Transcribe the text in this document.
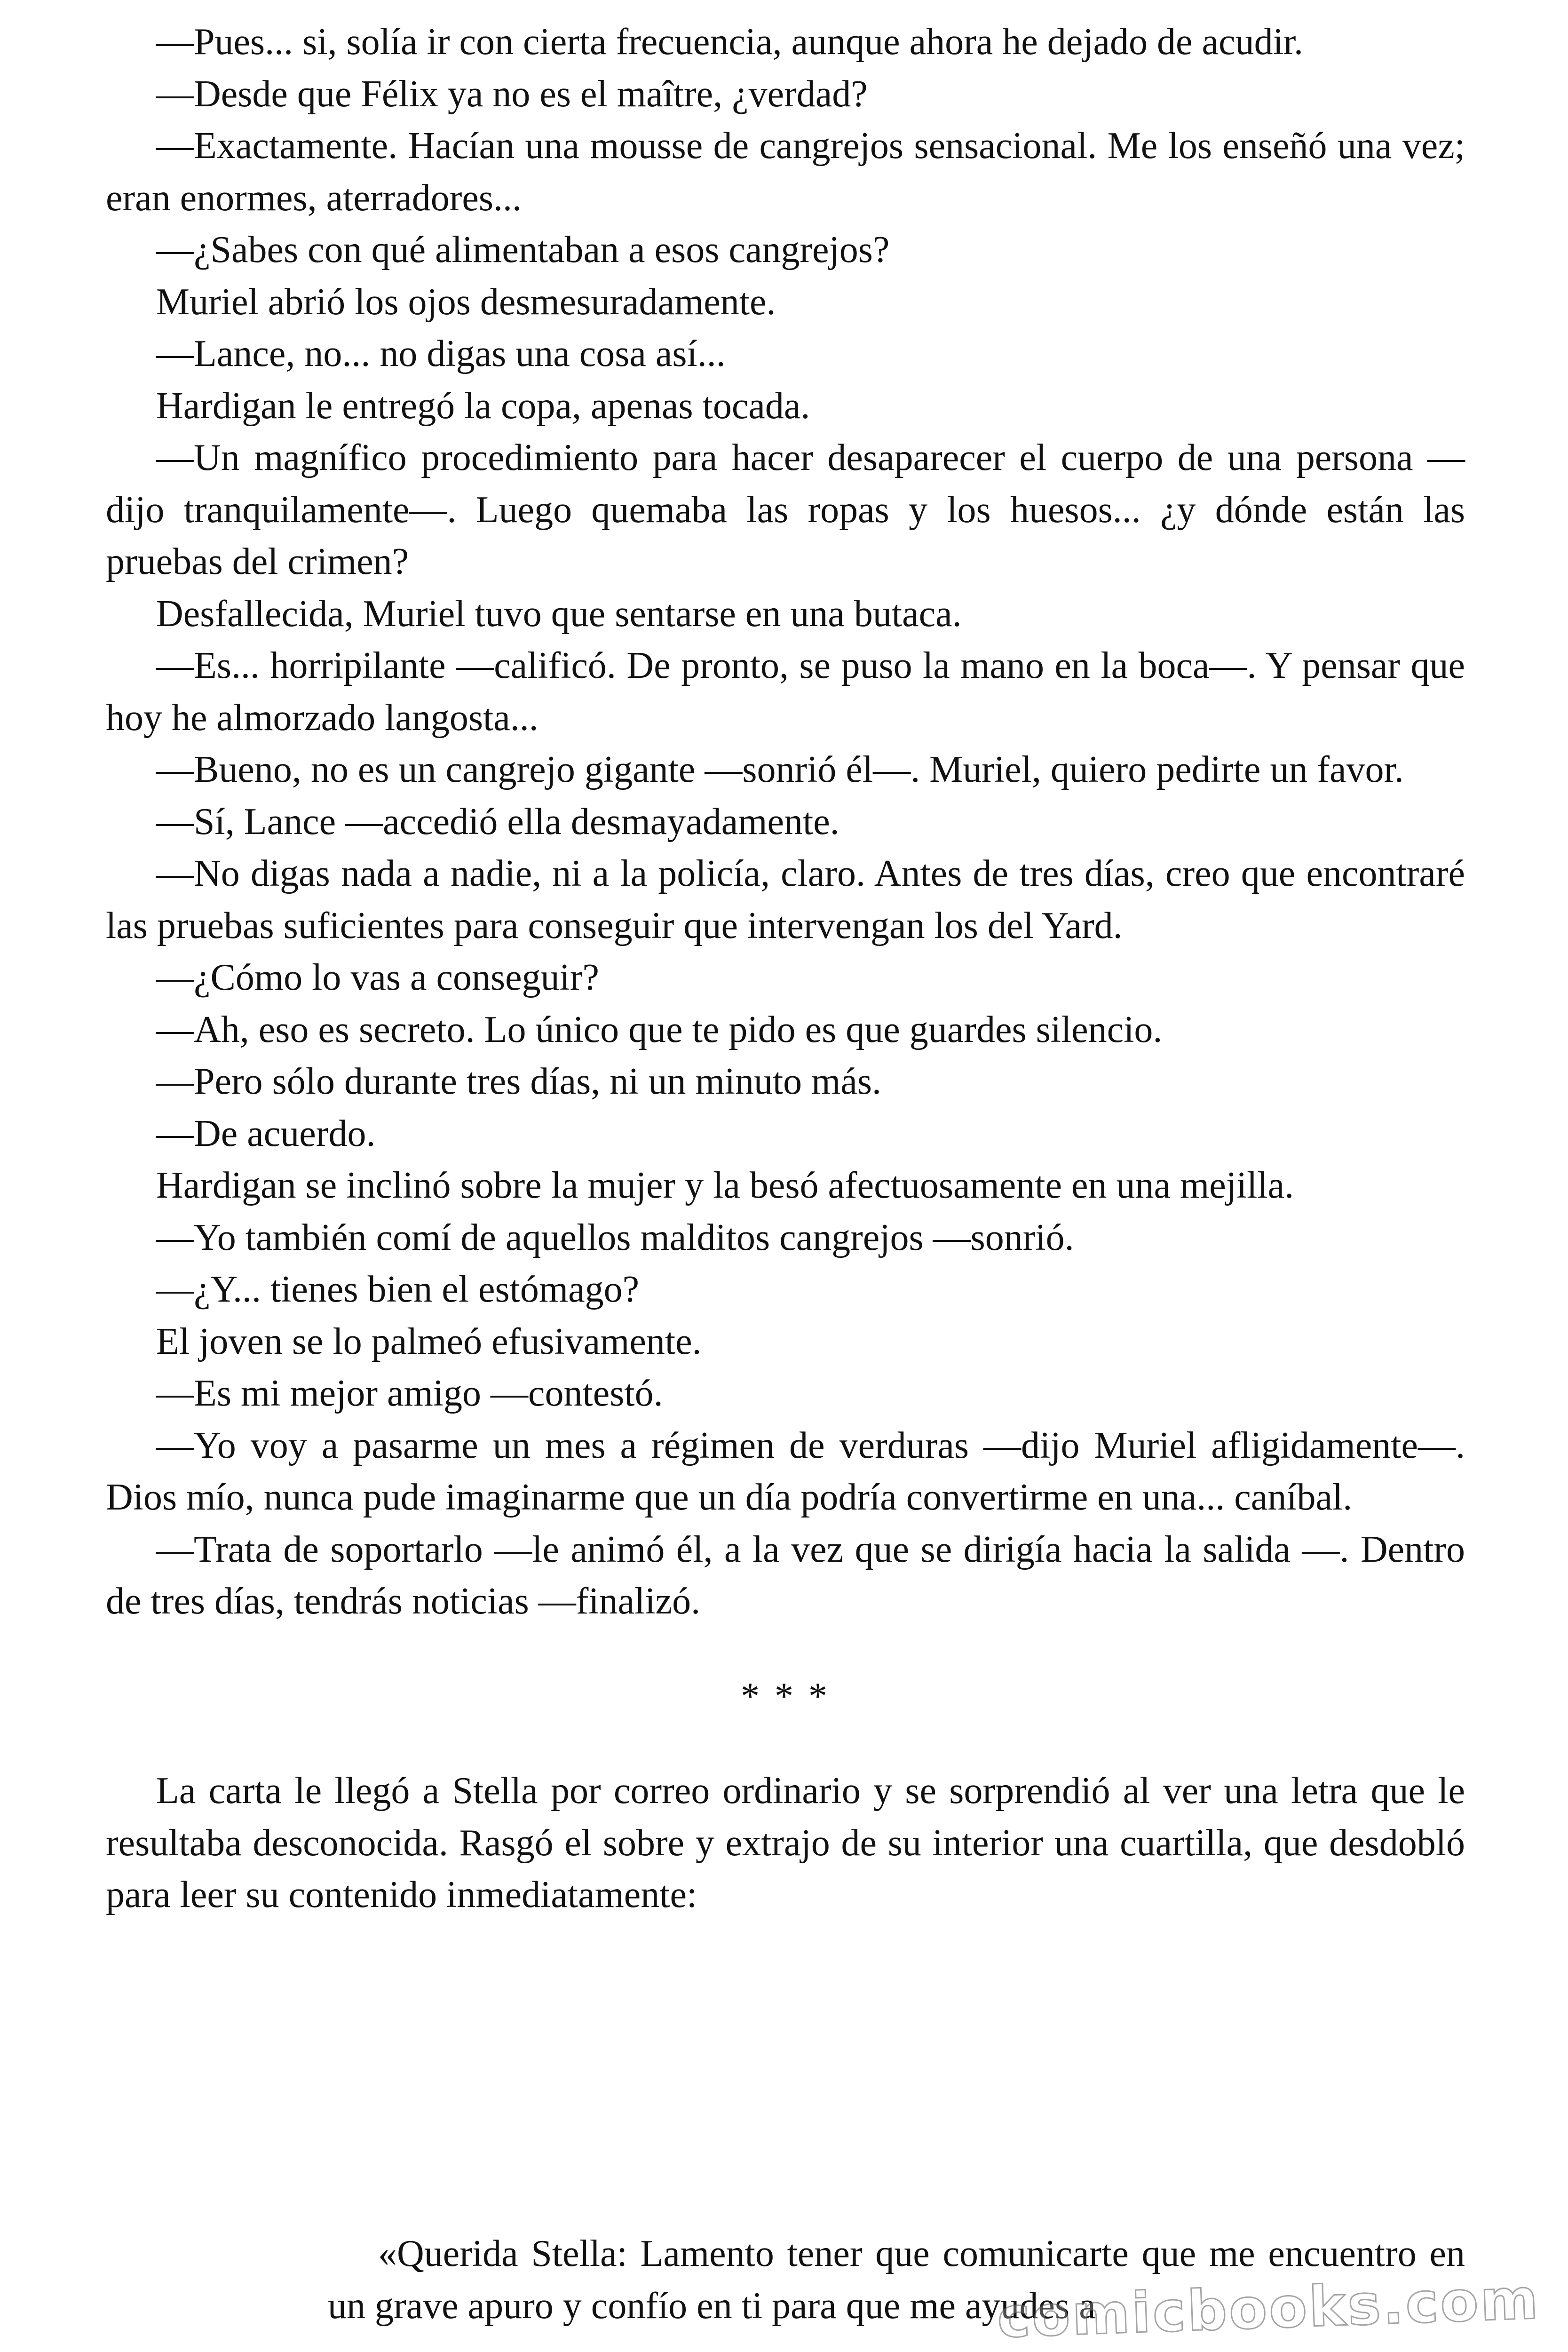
—Pues... si, solía ir con cierta frecuencia, aunque ahora he dejado de acudir.

—Desde que Félix ya no es el maître, ¿verdad?

—Exactamente. Hacían una mousse de cangrejos sensacional. Me los enseñó una vez; eran enormes, aterradores...

—¿Sabes con qué alimentaban a esos cangrejos?

Muriel abrió los ojos desmesuradamente.

—Lance, no... no digas una cosa así...

Hardigan le entregó la copa, apenas tocada.

—Un magnífico procedimiento para hacer desaparecer el cuerpo de una persona —dijo tranquilamente—. Luego quemaba las ropas y los huesos... ¿y dónde están las pruebas del crimen?

Desfallecida, Muriel tuvo que sentarse en una butaca.

—Es... horripilante —calificó. De pronto, se puso la mano en la boca—. Y pensar que hoy he almorzado langosta...

—Bueno, no es un cangrejo gigante —sonrió él—. Muriel, quiero pedirte un favor.

—Sí, Lance —accedió ella desmayadamente.

—No digas nada a nadie, ni a la policía, claro. Antes de tres días, creo que encontraré las pruebas suficientes para conseguir que intervengan los del Yard.

—¿Cómo lo vas a conseguir?

—Ah, eso es secreto. Lo único que te pido es que guardes silencio.

—Pero sólo durante tres días, ni un minuto más.

—De acuerdo.

Hardigan se inclinó sobre la mujer y la besó afectuosamente en una mejilla.

—Yo también comí de aquellos malditos cangrejos —sonrió.

—¿Y... tienes bien el estómago?

El joven se lo palmeó efusivamente.

—Es mi mejor amigo —contestó.

—Yo voy a pasarme un mes a régimen de verduras —dijo Muriel afligidamente—. Dios mío, nunca pude imaginarme que un día podría convertirme en una... caníbal.

—Trata de soportarlo —le animó él, a la vez que se dirigía hacia la salida —. Dentro de tres días, tendrás noticias —finalizó.

* * *

La carta le llegó a Stella por correo ordinario y se sorprendió al ver una letra que le resultaba desconocida. Rasgó el sobre y extrajo de su interior una cuartilla, que desdobló para leer su contenido inmediatamente:

«Querida Stella: Lamento tener que comunicarte que me encuentro en un grave apuro y confío en ti para que me ayudes a

comicbooks.com
